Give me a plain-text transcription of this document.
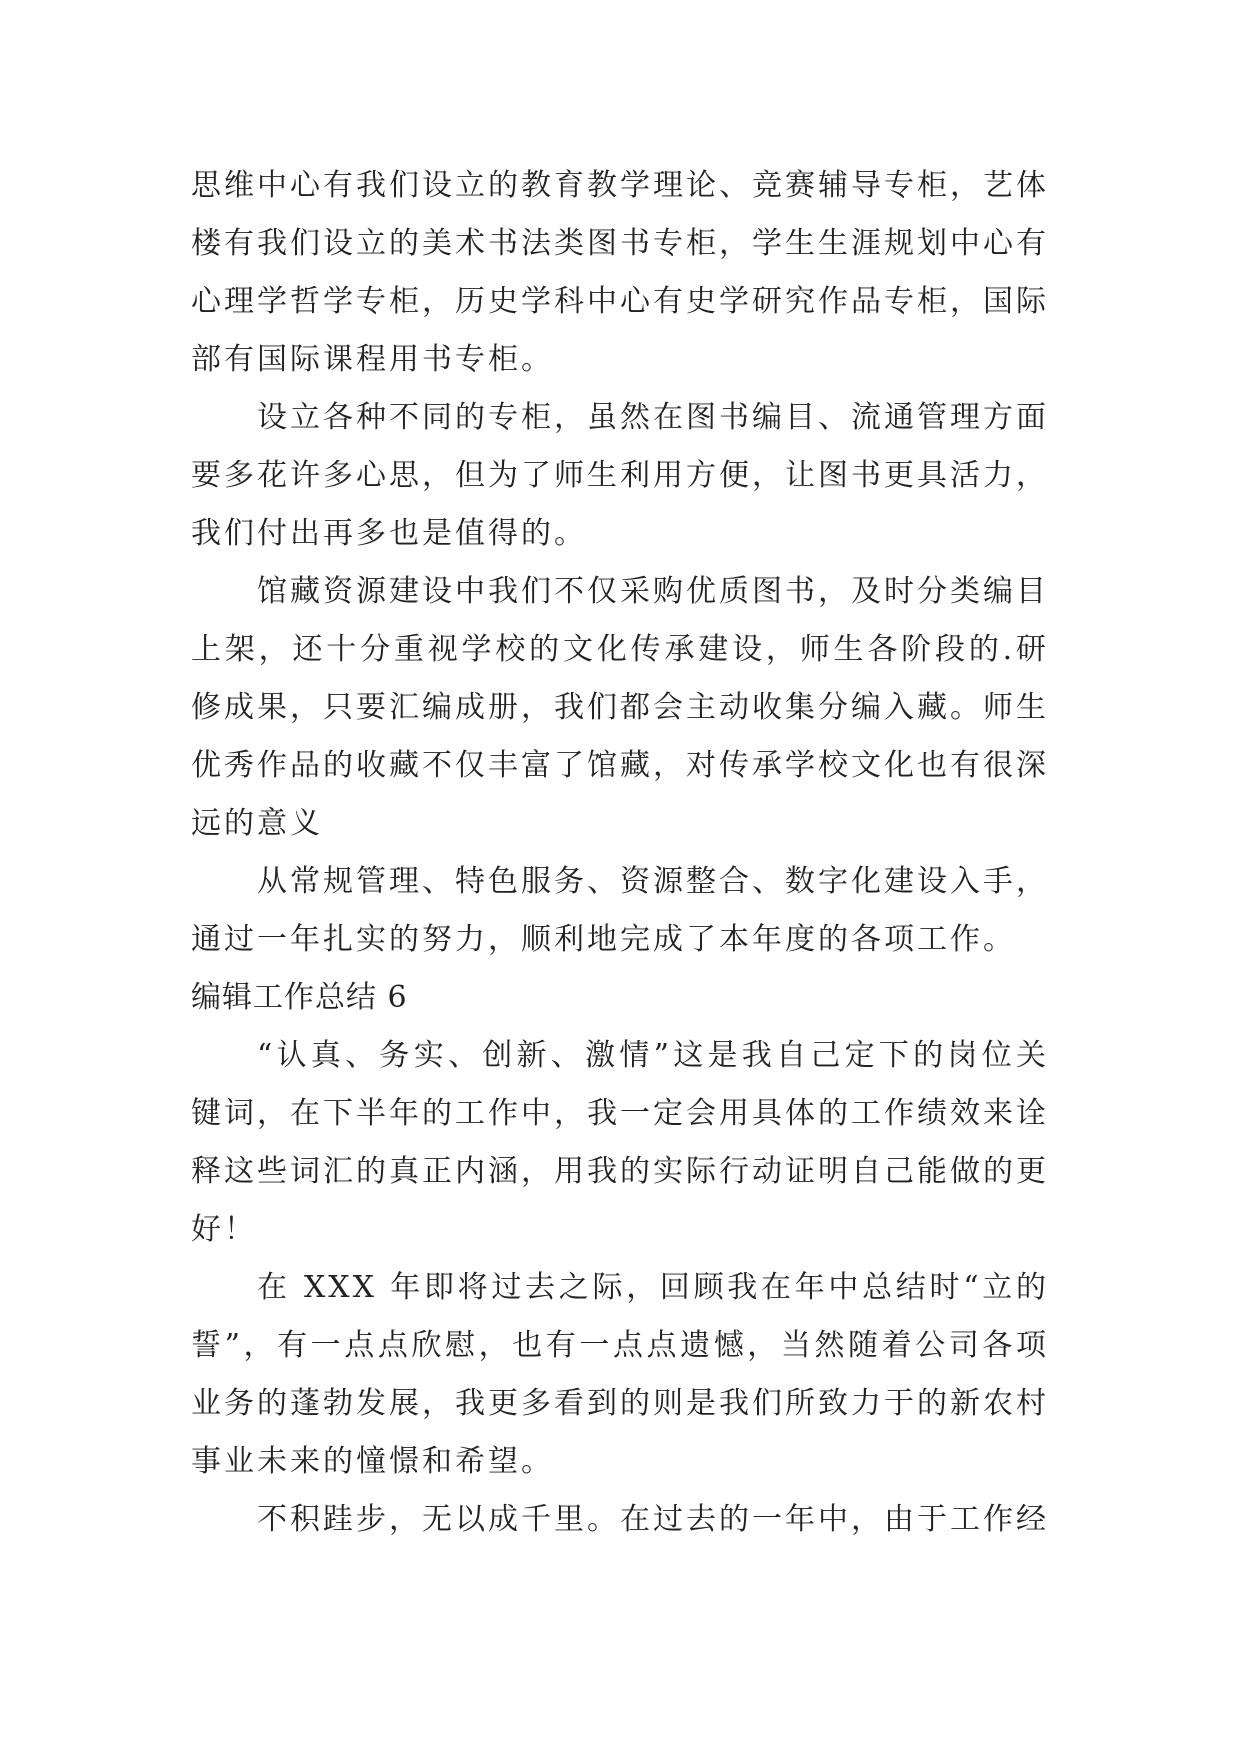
思维中心有我们设立的教育教学理论、竞赛辅导专柜，艺体楼有我们设立的美术书法类图书专柜，学生生涯规划中心有心理学哲学专柜，历史学科中心有史学研究作品专柜，国际部有国际课程用书专柜。

设立各种不同的专柜，虽然在图书编目、流通管理方面要多花许多心思，但为了师生利用方便，让图书更具活力，我们付出再多也是值得的。

馆藏资源建设中我们不仅采购优质图书，及时分类编目上架，还十分重视学校的文化传承建设，师生各阶段的.研修成果，只要汇编成册，我们都会主动收集分编入藏。师生优秀作品的收藏不仅丰富了馆藏，对传承学校文化也有很深远的意义

从常规管理、特色服务、资源整合、数字化建设入手，通过一年扎实的努力，顺利地完成了本年度的各项工作。

编辑工作总结 6

“认真、务实、创新、激情”这是我自己定下的岗位关键词，在下半年的工作中，我一定会用具体的工作绩效来诠释这些词汇的真正内涵，用我的实际行动证明自己能做的更好！

在 XXX 年即将过去之际，回顾我在年中总结时“立的誓”，有一点点欣慰，也有一点点遗憾，当然随着公司各项业务的蓬勃发展，我更多看到的则是我们所致力于的新农村事业未来的憧憬和希望。

不积跬步，无以成千里。在过去的一年中，由于工作经
